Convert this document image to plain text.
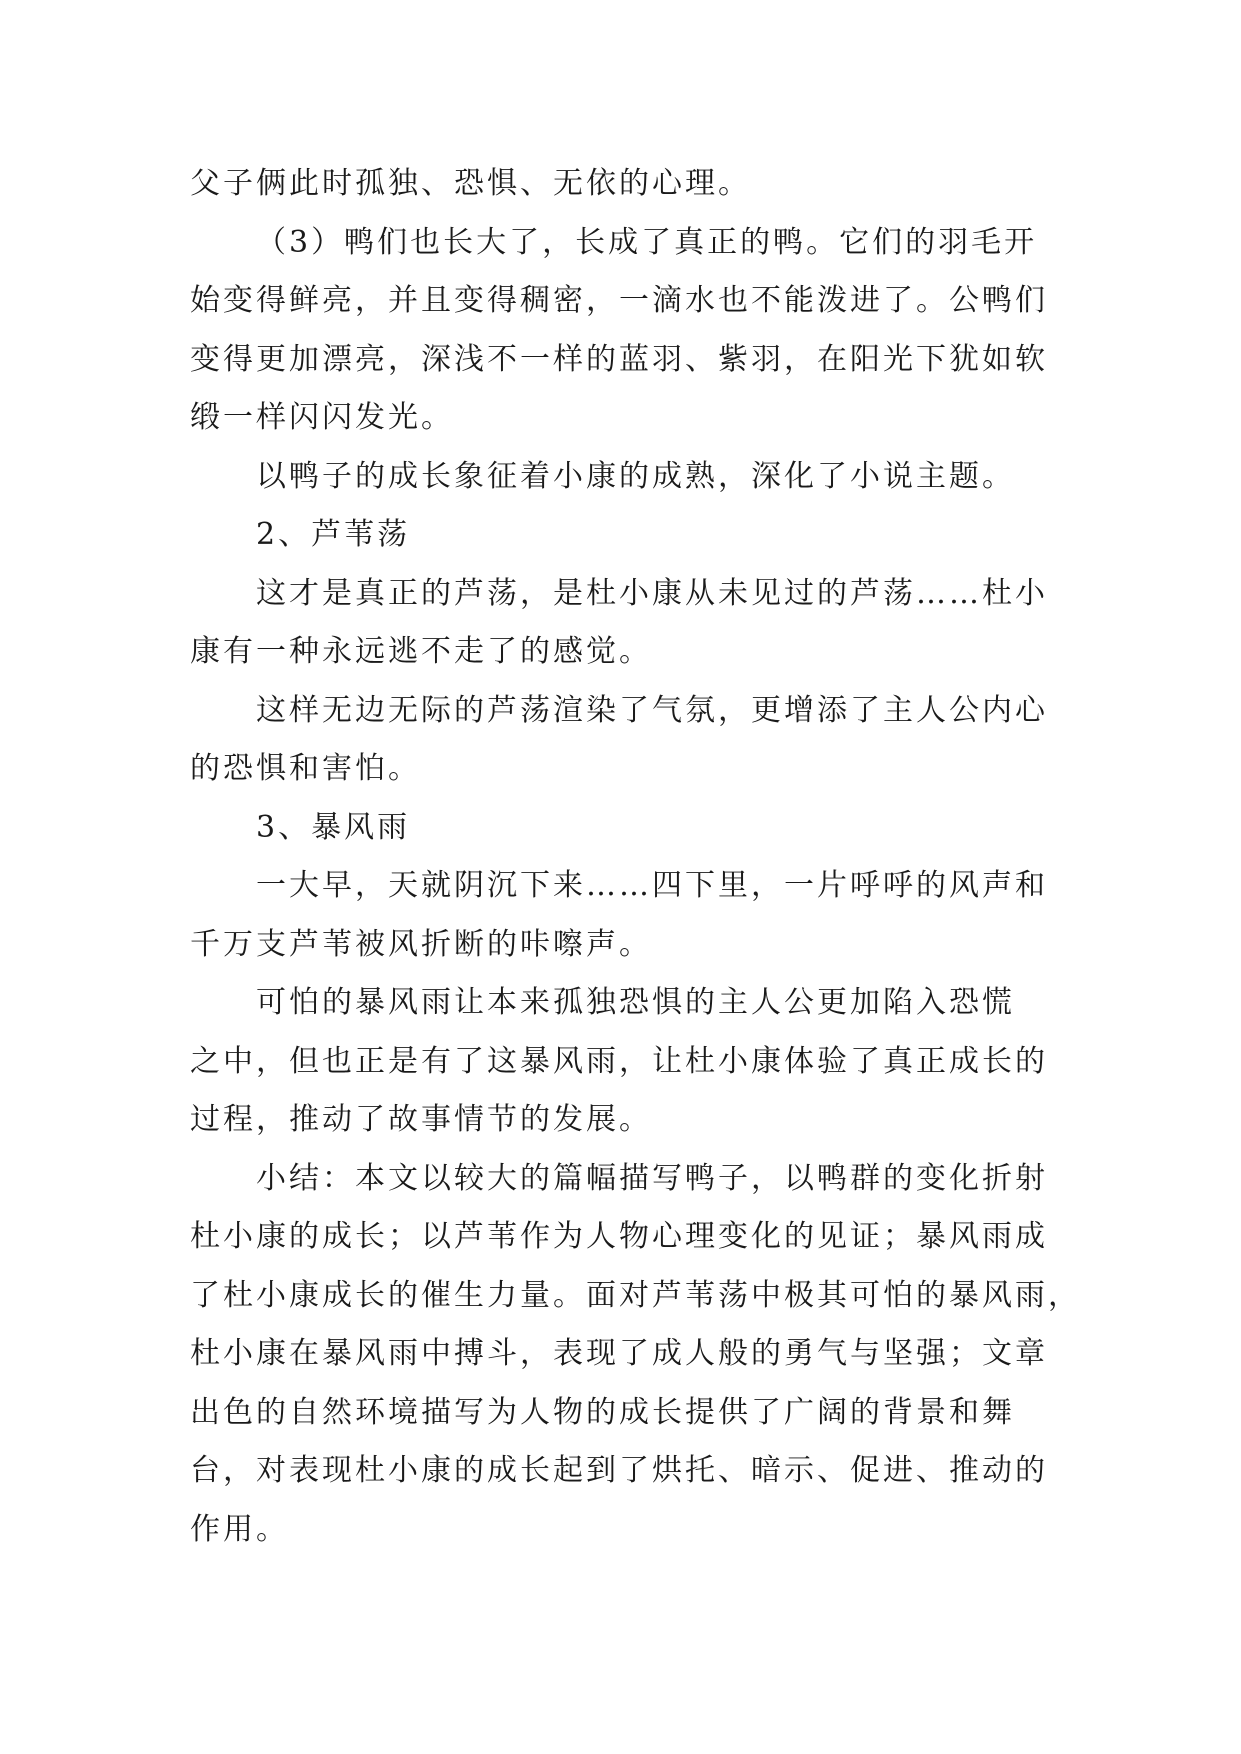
父子俩此时孤独、恐惧、无依的心理。
（3）鸭们也长大了，长成了真正的鸭。它们的羽毛开
始变得鲜亮，并且变得稠密，一滴水也不能泼进了。公鸭们
变得更加漂亮，深浅不一样的蓝羽、紫羽，在阳光下犹如软
缎一样闪闪发光。
以鸭子的成长象征着小康的成熟，深化了小说主题。
2、芦苇荡
这才是真正的芦荡，是杜小康从未见过的芦荡……杜小
康有一种永远逃不走了的感觉。
这样无边无际的芦荡渲染了气氛，更增添了主人公内心
的恐惧和害怕。
3、暴风雨
一大早，天就阴沉下来……四下里，一片呼呼的风声和
千万支芦苇被风折断的咔嚓声。
可怕的暴风雨让本来孤独恐惧的主人公更加陷入恐慌
之中，但也正是有了这暴风雨，让杜小康体验了真正成长的
过程，推动了故事情节的发展。
小结：本文以较大的篇幅描写鸭子，以鸭群的变化折射
杜小康的成长；以芦苇作为人物心理变化的见证；暴风雨成
了杜小康成长的催生力量。面对芦苇荡中极其可怕的暴风雨，
杜小康在暴风雨中搏斗，表现了成人般的勇气与坚强；文章
出色的自然环境描写为人物的成长提供了广阔的背景和舞
台，对表现杜小康的成长起到了烘托、暗示、促进、推动的
作用。
